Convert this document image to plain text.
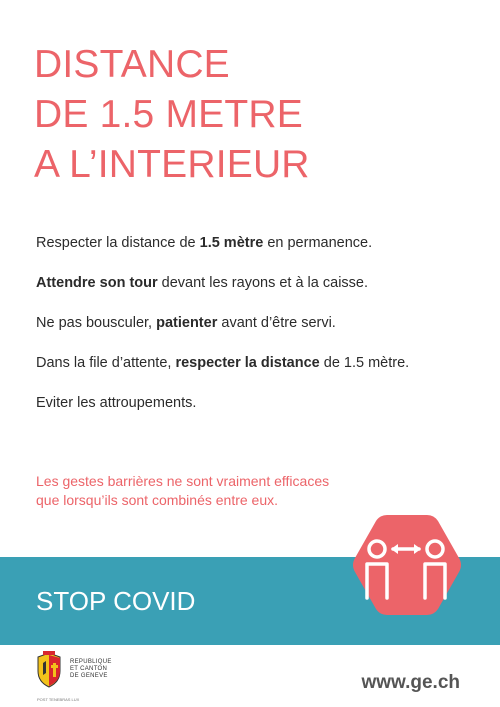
DISTANCE
DE 1.5 METRE
A L’INTERIEUR

Respecter la distance de 1.5 mètre en permanence.

Attendre son tour devant les rayons et à la caisse.

Ne pas bousculer, patienter avant d’être servi.

Dans la file d’attente, respecter la distance de 1.5 mètre.

Eviter les attroupements.

Les gestes barrières ne sont vraiment efficaces
que lorsqu’ils sont combinés entre eux.
STOP COVID
REPUBLIQUE
ET CANTON
DE GENEVE
POST TENEBRAS LUX
www.ge.ch
